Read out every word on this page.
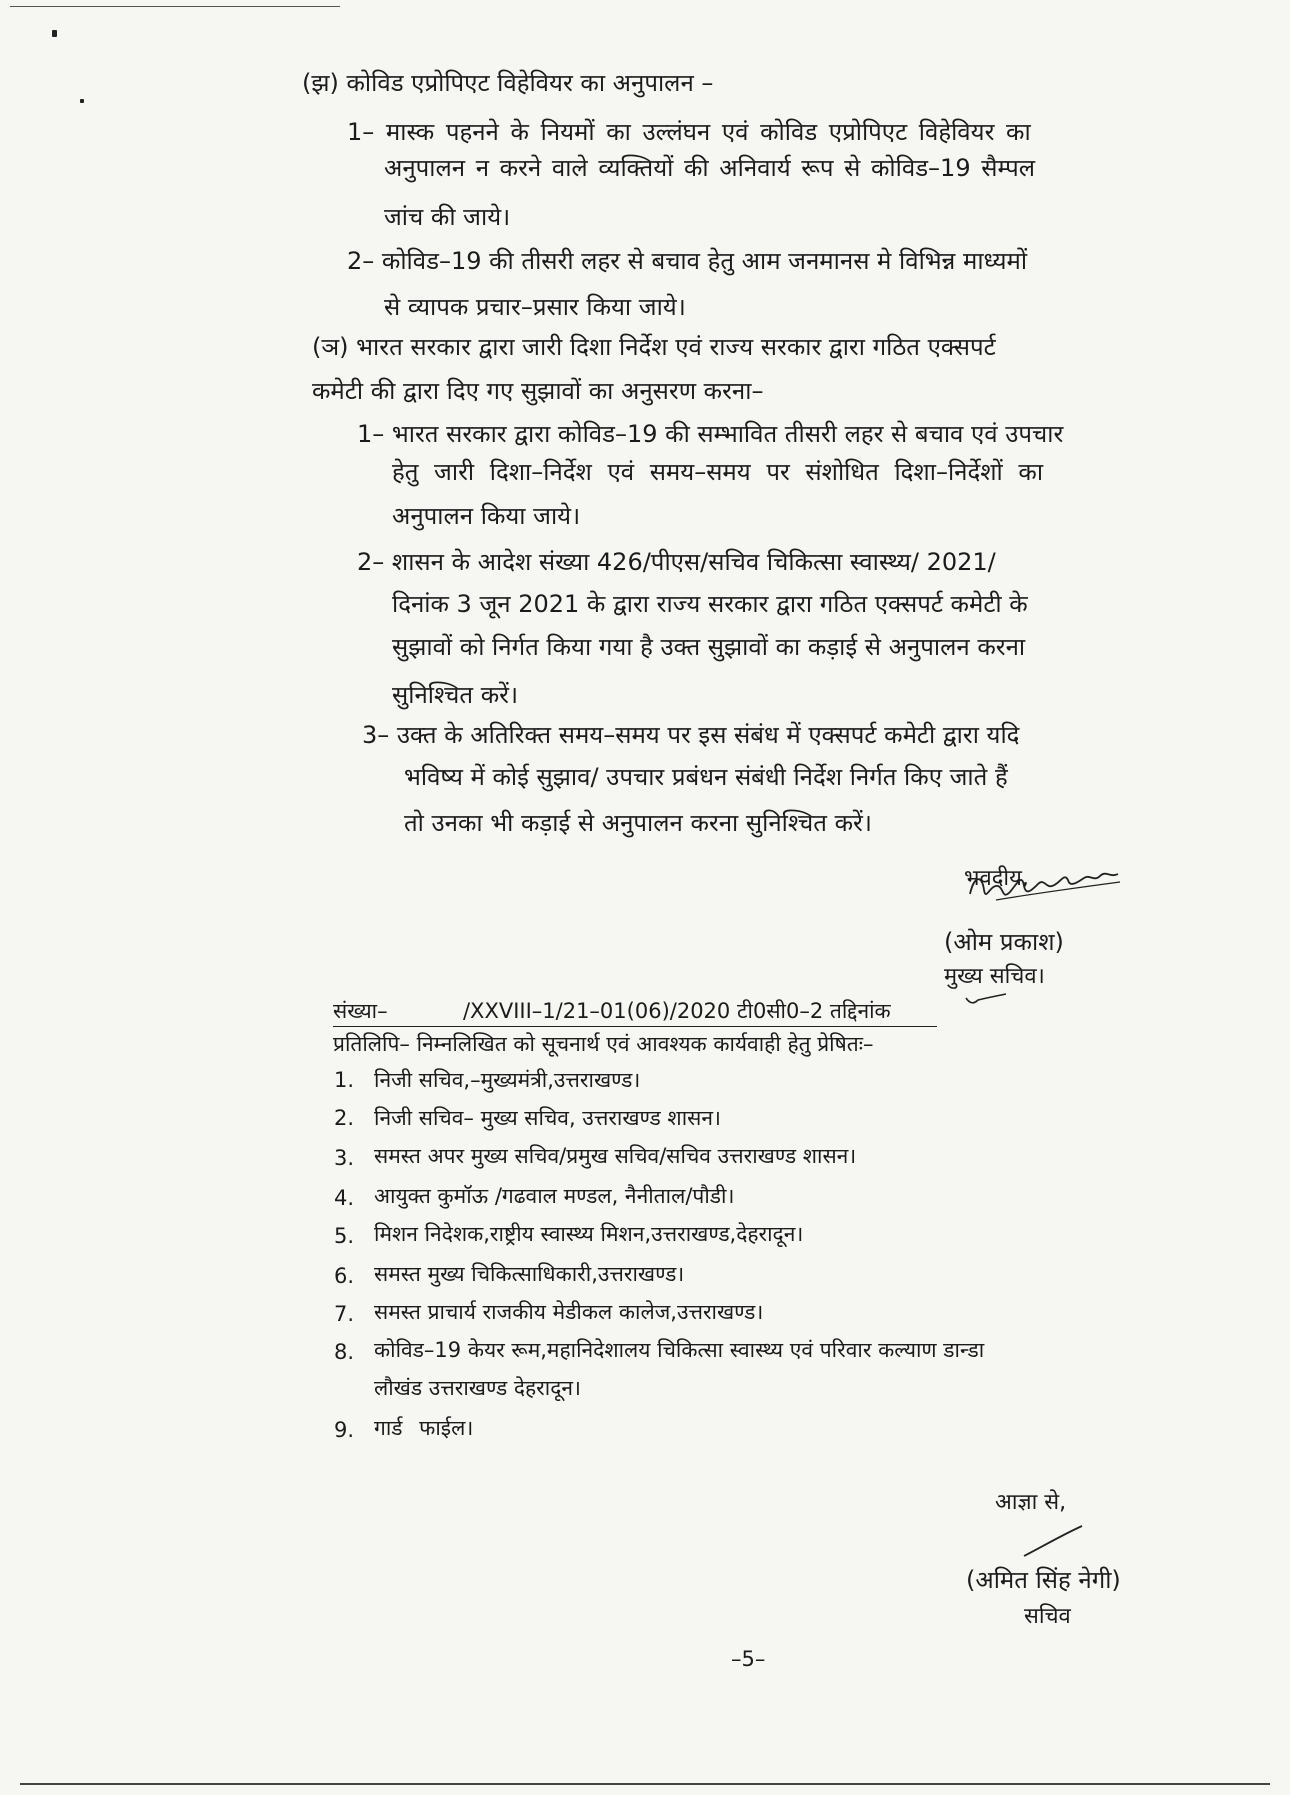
(झ) कोविड एप्रोपिएट विहेवियर का अनुपालन –
1– मास्क पहनने के नियमों का उल्लंघन एवं कोविड एप्रोपिएट विहेवियर का
अनुपालन न करने वाले व्यक्तियों की अनिवार्य रूप से कोविड–19 सैम्पल
जांच की जाये।
2– कोविड–19 की तीसरी लहर से बचाव हेतु आम जनमानस मे विभिन्न माध्यमों
से व्यापक प्रचार–प्रसार किया जाये।
(ञ) भारत सरकार द्वारा जारी दिशा निर्देश एवं राज्य सरकार द्वारा गठित एक्सपर्ट
कमेटी की द्वारा दिए गए सुझावों का अनुसरण करना–
1– भारत सरकार द्वारा कोविड–19 की सम्भावित तीसरी लहर से बचाव एवं उपचार
हेतु जारी दिशा–निर्देश एवं समय–समय पर संशोधित दिशा–निर्देशों का
अनुपालन किया जाये।
2– शासन के आदेश संख्या 426/पीएस/सचिव चिकित्सा स्वास्थ्य/ 2021/
दिनांक 3 जून 2021 के द्वारा राज्य सरकार द्वारा गठित एक्सपर्ट कमेटी के
सुझावों को निर्गत किया गया है उक्त सुझावों का कड़ाई से अनुपालन करना
सुनिश्चित करें।
3– उक्त के अतिरिक्त समय–समय पर इस संबंध में एक्सपर्ट कमेटी द्वारा यदि
भविष्य में कोई सुझाव/ उपचार प्रबंधन संबंधी निर्देश निर्गत किए जाते हैं
तो उनका भी कड़ाई से अनुपालन करना सुनिश्चित करें।
भवदीय,
(ओम प्रकाश)
मुख्य सचिव।
संख्या–	/XXVIII–1/21–01(06)/2020 टी0सी0–2 तद्दिनांक
प्रतिलिपि– निम्नलिखित को सूचनार्थ एवं आवश्यक कार्यवाही हेतु प्रेषितः–
1. निजी सचिव,–मुख्यमंत्री,उत्तराखण्ड।
2. निजी सचिव– मुख्य सचिव, उत्तराखण्ड शासन।
3. समस्त अपर मुख्य सचिव/प्रमुख सचिव/सचिव उत्तराखण्ड शासन।
4. आयुक्त कुमॉऊ /गढवाल मण्डल, नैनीताल/पौडी।
5. मिशन निदेशक,राष्ट्रीय स्वास्थ्य मिशन,उत्तराखण्ड,देहरादून।
6. समस्त मुख्य चिकित्साधिकारी,उत्तराखण्ड।
7. समस्त प्राचार्य राजकीय मेडीकल कालेज,उत्तराखण्ड।
8. कोविड–19 केयर रूम,महानिदेशालय चिकित्सा स्वास्थ्य एवं परिवार कल्याण डान्डा
लौखंड उत्तराखण्ड देहरादून।
9. गार्ड फाईल।
आज्ञा से,
(अमित सिंह नेगी)
सचिव
–5–
